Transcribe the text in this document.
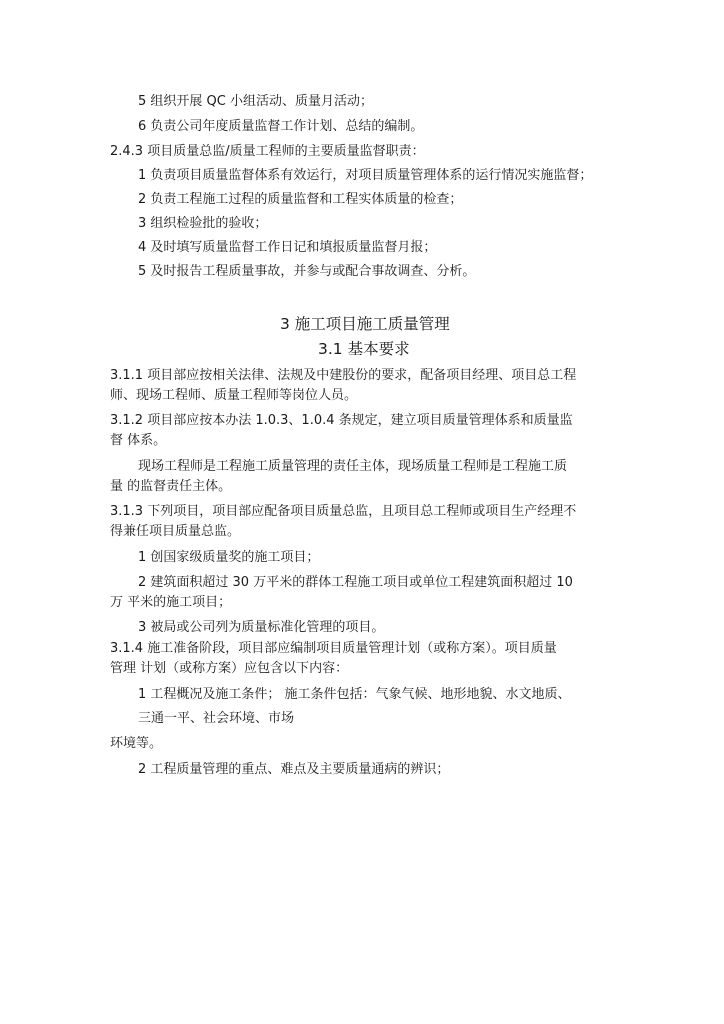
5 组织开展 QC 小组活动、质量月活动；
6 负责公司年度质量监督工作计划、总结的编制。
2.4.3 项目质量总监/质量工程师的主要质量监督职责：
1 负责项目质量监督体系有效运行，对项目质量管理体系的运行情况实施监督；
2 负责工程施工过程的质量监督和工程实体质量的检查；
3 组织检验批的验收；
4 及时填写质量监督工作日记和填报质量监督月报；
5 及时报告工程质量事故，并参与或配合事故调查、分析。
3 施工项目施工质量管理
3.1 基本要求
3.1.1 项目部应按相关法律、法规及中建股份的要求，配备项目经理、项目总工程
师、现场工程师、质量工程师等岗位人员。
3.1.2 项目部应按本办法 1.0.3、1.0.4 条规定，建立项目质量管理体系和质量监
督 体系。
现场工程师是工程施工质量管理的责任主体，现场质量工程师是工程施工质
量 的监督责任主体。
3.1.3 下列项目，项目部应配备项目质量总监，且项目总工程师或项目生产经理不
得兼任项目质量总监。
1 创国家级质量奖的施工项目；
2 建筑面积超过 30 万平米的群体工程施工项目或单位工程建筑面积超过 10
万 平米的施工项目；
3 被局或公司列为质量标准化管理的项目。
3.1.4 施工准备阶段，项目部应编制项目质量管理计划（或称方案）。项目质量
管理 计划（或称方案）应包含以下内容：
1 工程概况及施工条件； 施工条件包括：气象气候、地形地貌、水文地质、
三通一平、社会环境、市场
环境等。
2 工程质量管理的重点、难点及主要质量通病的辨识；
